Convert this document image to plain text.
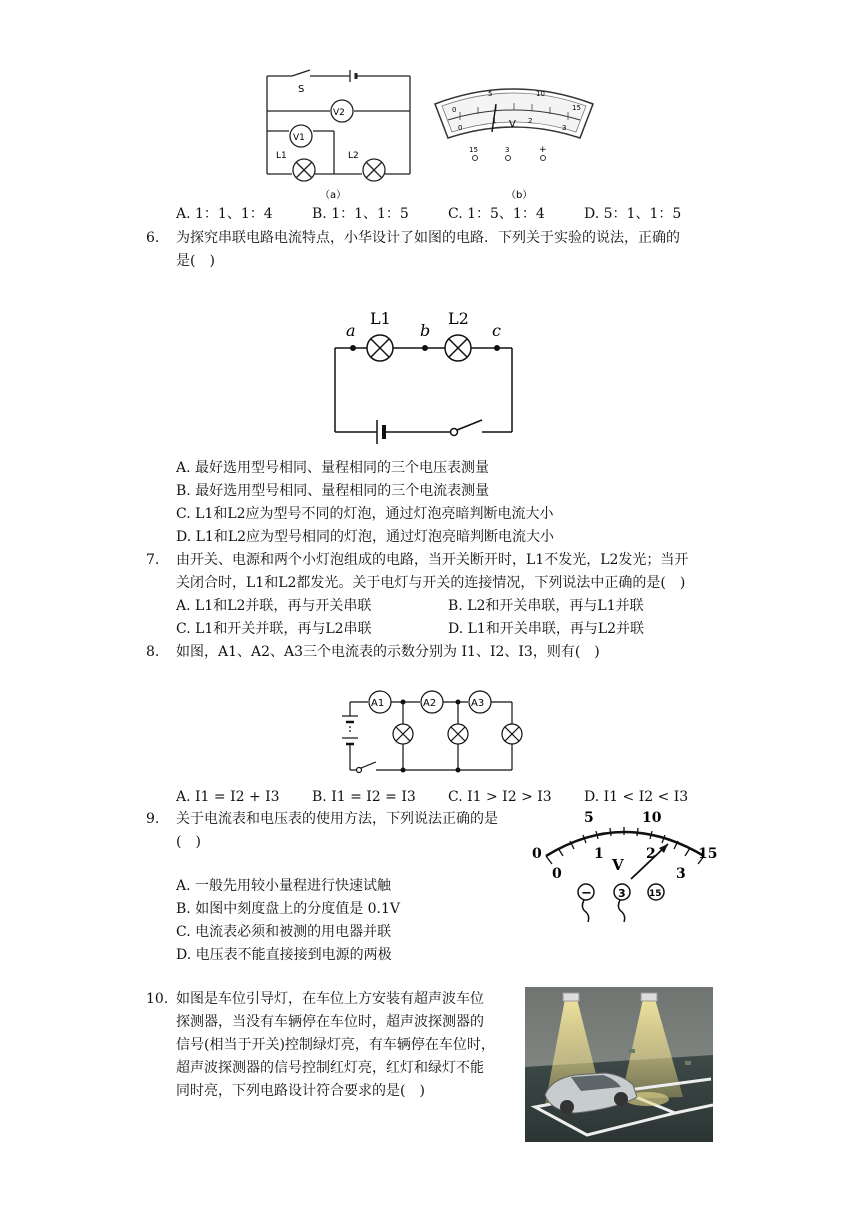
S
V2
V1
L1	L2
（a）
0
5	10
15
0
1	2
3
V
15	3	+
（b）
A. 1：1、1：4	B. 1：1、1：5	C. 1：5、1：4	D. 5：1、1：5
6. 为探究串联电路电流特点，小华设计了如图的电路．下列关于实验的说法，正确的
是(　)
a	b	c
L1	L2
A. 最好选用型号相同、量程相同的三个电压表测量
B. 最好选用型号相同、量程相同的三个电流表测量
C. L1和L2应为型号不同的灯泡，通过灯泡亮暗判断电流大小
D. L1和L2应为型号相同的灯泡，通过灯泡亮暗判断电流大小
7. 由开关、电源和两个小灯泡组成的电路，当开关断开时，L1不发光，L2发光；当开
关闭合时，L1和L2都发光。关于电灯与开关的连接情况，下列说法中正确的是(　)
A. L1和L2并联，再与开关串联	B. L2和开关串联，再与L1并联
C. L1和开关并联，再与L2串联	D. L1和开关串联，再与L2并联
8. 如图，A1、A2、A3三个电流表的示数分别为 I1、I2、I3，则有(　)
A1	A2	A3
A. I1 = I2 + I3 B. I1 = I2 = I3 C. I1 > I2 > I3 D. I1 < I2 < I3
9. 关于电流表和电压表的使用方法，下列说法正确的是
(　)
0
5	10
15
0
1	2
3
V
− 3	15
A. 一般先用较小量程进行快速试触
B. 如图中刻度盘上的分度值是 0.1V
C. 电流表必须和被测的用电器并联
D. 电压表不能直接接到电源的两极
10. 如图是车位引导灯，在车位上方安装有超声波车位
探测器，当没有车辆停在车位时，超声波探测器的
信号(相当于开关)控制绿灯亮，有车辆停在车位时，
超声波探测器的信号控制红灯亮，红灯和绿灯不能
同时亮，下列电路设计符合要求的是(　)
